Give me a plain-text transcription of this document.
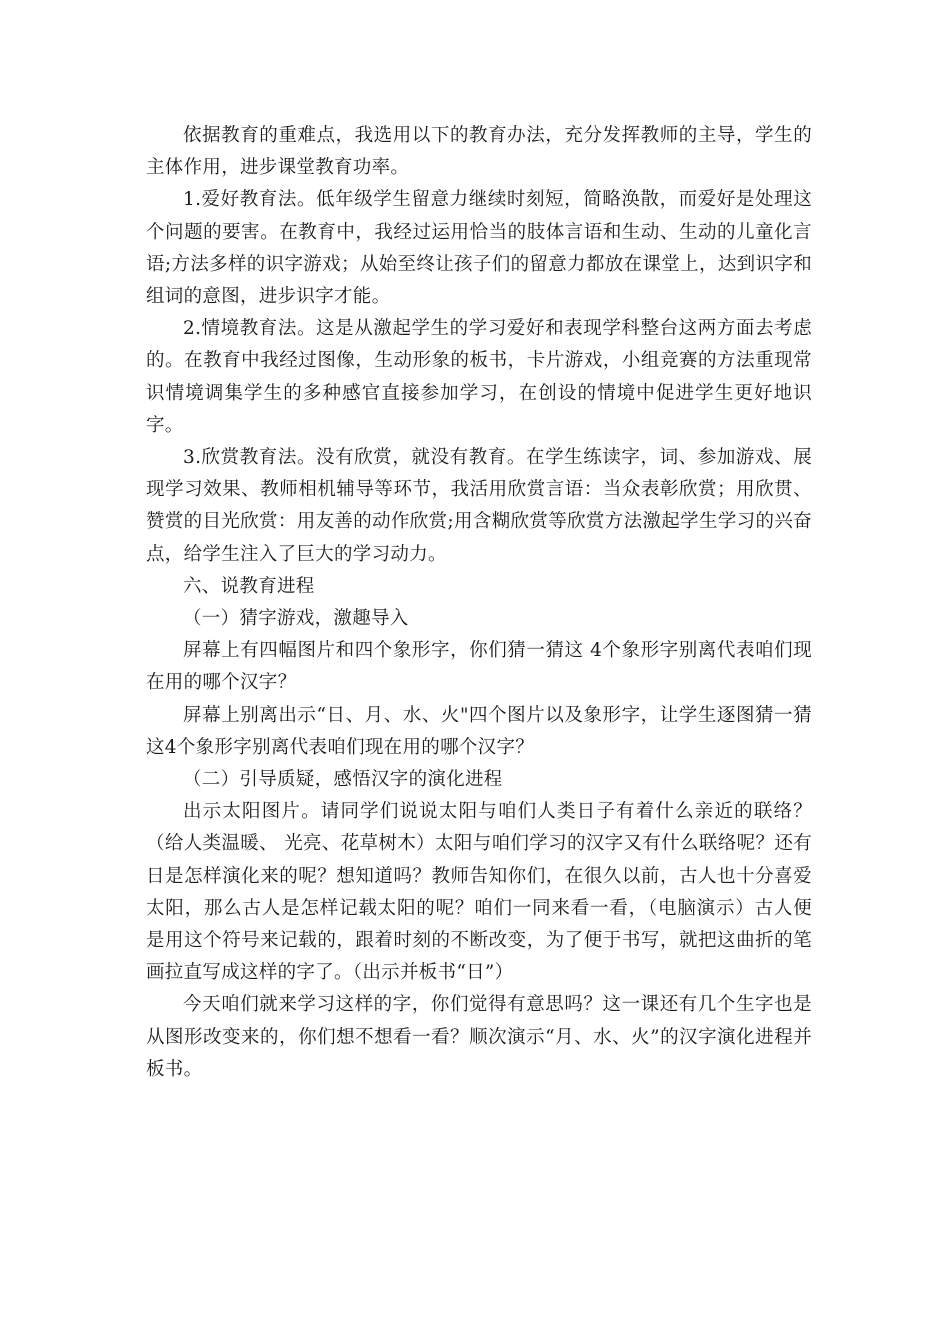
依据教育的重难点，我选用以下的教育办法，充分发挥教师的主导，学生的主体作用，进步课堂教育功率。

1.爱好教育法。低年级学生留意力继续时刻短，简略涣散，而爱好是处理这个问题的要害。在教育中，我经过运用恰当的肢体言语和生动、生动的儿童化言语;方法多样的识字游戏；从始至终让孩子们的留意力都放在课堂上，达到识字和组词的意图，进步识字才能。

2.情境教育法。这是从激起学生的学习爱好和表现学科整台这两方面去考虑的。在教育中我经过图像，生动形象的板书，卡片游戏，小组竞赛的方法重现常识情境调集学生的多种感官直接参加学习，在创设的情境中促进学生更好地识字。

3.欣赏教育法。没有欣赏，就没有教育。在学生练读字，词、参加游戏、展现学习效果、教师相机辅导等环节，我活用欣赏言语：当众表彰欣赏；用欣贯、赞赏的目光欣赏：用友善的动作欣赏;用含糊欣赏等欣赏方法激起学生学习的兴奋点，给学生注入了巨大的学习动力。

六、说教育进程

（一）猜字游戏，激趣导入

屏幕上有四幅图片和四个象形字，你们猜一猜这 4个象形字别离代表咱们现在用的哪个汉字？

屏幕上别离出示“日、月、水、火"四个图片以及象形字，让学生逐图猜一猜这4个象形字别离代表咱们现在用的哪个汉字？

（二）引导质疑，感悟汉字的演化进程

出示太阳图片。请同学们说说太阳与咱们人类日子有着什么亲近的联络？（给人类温暖、 光亮、花草树木）太阳与咱们学习的汉字又有什么联络呢？还有日是怎样演化来的呢？想知道吗？教师告知你们，在很久以前，古人也十分喜爱太阳，那么古人是怎样记载太阳的呢？咱们一同来看一看，（电脑演示）古人便是用这个符号来记载的，跟着时刻的不断改变，为了便于书写，就把这曲折的笔画拉直写成这样的字了。（出示并板书“日”）

今天咱们就来学习这样的字，你们觉得有意思吗？这一课还有几个生字也是从图形改变来的，你们想不想看一看？顺次演示“月、水、火”的汉字演化进程并板书。
